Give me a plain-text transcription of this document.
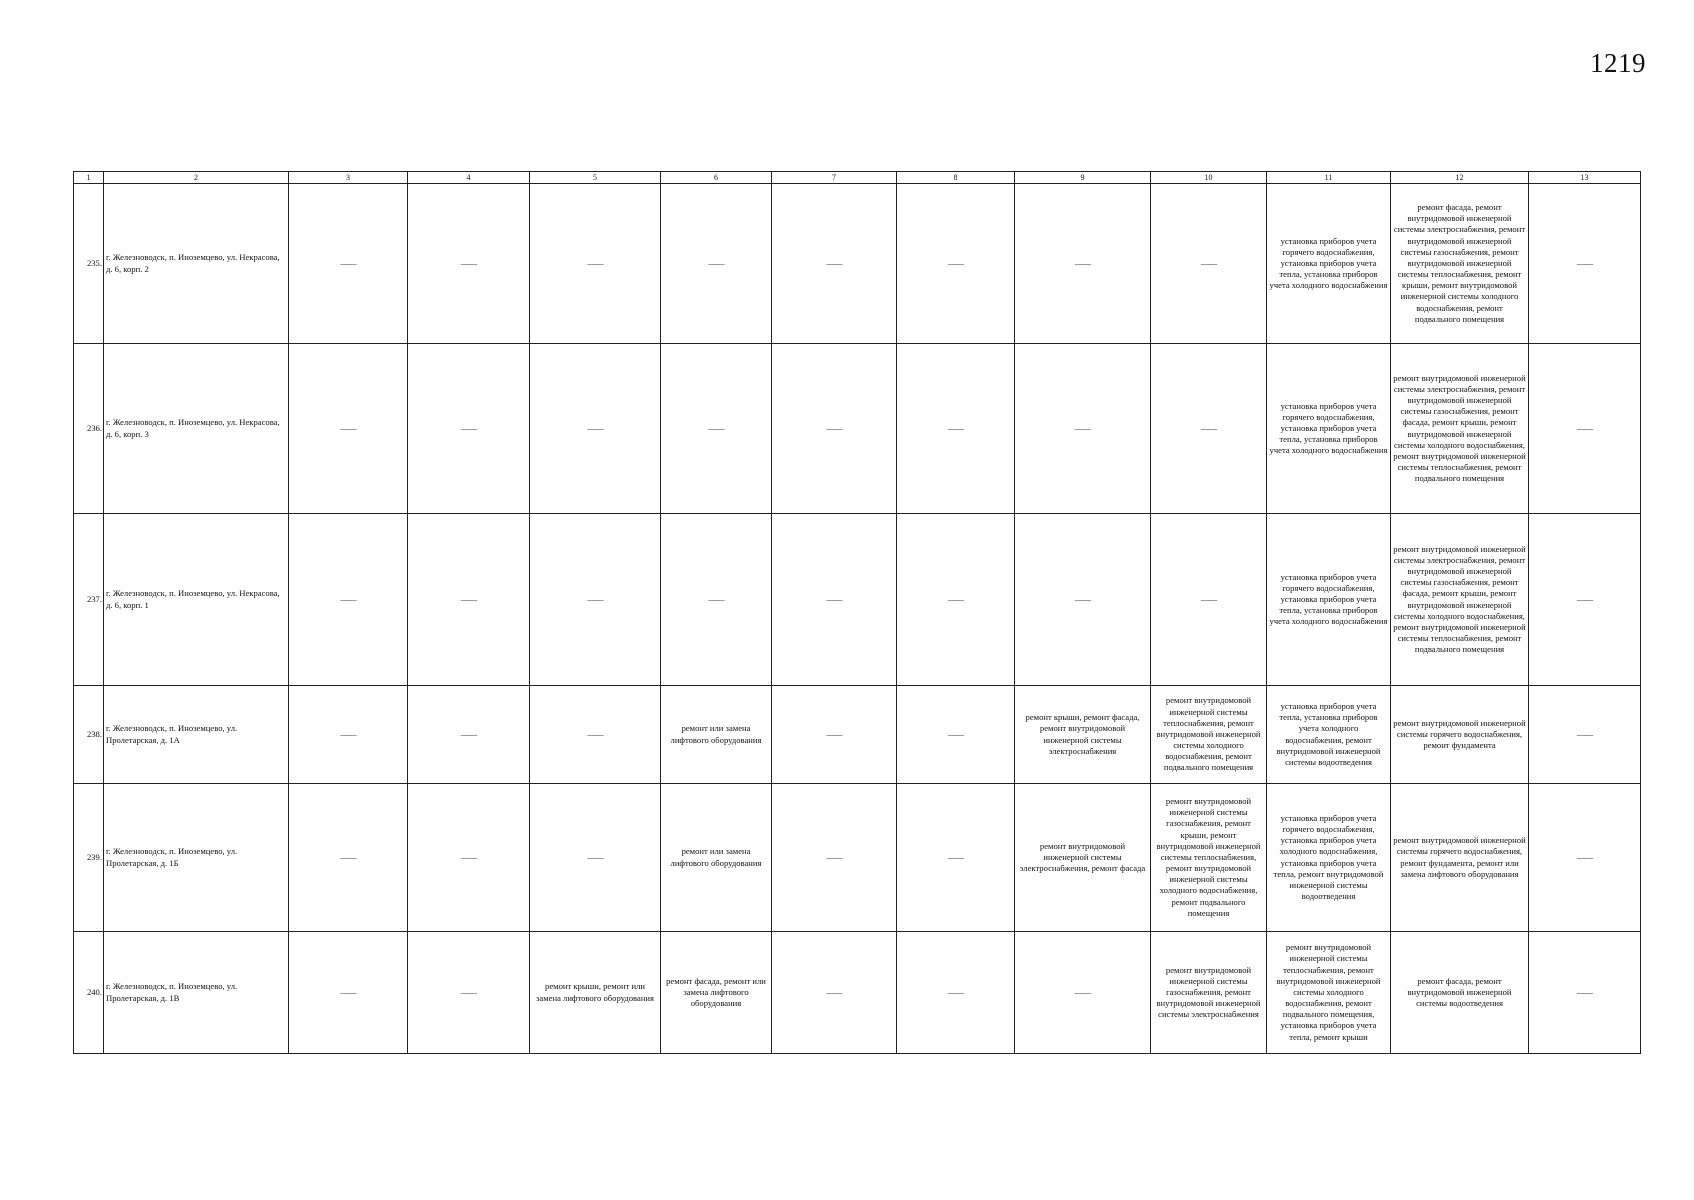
1219
1	2	3	4	5	6	7	8	9	10	11	12	13
235.	г. Железноводск, п. Иноземцево, ул. Некрасова, д. 6, корп. 2	——	——	——	——	——	——	——	——	установка приборов учета горячего водоснабжения, установка приборов учета тепла, установка приборов учета холодного водоснабжения	ремонт фасада, ремонт внутридомовой инженерной системы электроснабжения, ремонт внутридомовой инженерной системы газоснабжения, ремонт внутридомовой инженерной системы теплоснабжения, ремонт крыши, ремонт внутридомовой инженерной системы холодного водоснабжения, ремонт подвального помещения	——
236.	г. Железноводск, п. Иноземцево, ул. Некрасова, д. 6, корп. 3	——	——	——	——	——	——	——	——	установка приборов учета горячего водоснабжения, установка приборов учета тепла, установка приборов учета холодного водоснабжения	ремонт внутридомовой инженерной системы электроснабжения, ремонт внутридомовой инженерной системы газоснабжения, ремонт фасада, ремонт крыши, ремонт внутридомовой инженерной системы холодного водоснабжения, ремонт внутридомовой инженерной системы теплоснабжения, ремонт подвального помещения	——
237.	г. Железноводск, п. Иноземцево, ул. Некрасова, д. 6, корп. 1	——	——	——	——	——	——	——	——	установка приборов учета горячего водоснабжения, установка приборов учета тепла, установка приборов учета холодного водоснабжения	ремонт внутридомовой инженерной системы электроснабжения, ремонт внутридомовой инженерной системы газоснабжения, ремонт фасада, ремонт крыши, ремонт внутридомовой инженерной системы холодного водоснабжения, ремонт внутридомовой инженерной системы теплоснабжения, ремонт подвального помещения	——
238.	г. Железноводск, п. Иноземцево, ул. Пролетарская, д. 1А	——	——	——	ремонт или замена лифтового оборудования	——	——	ремонт крыши, ремонт фасада, ремонт внутридомовой инженерной системы электроснабжения	ремонт внутридомовой инженерной системы теплоснабжения, ремонт внутридомовой инженерной системы холодного водоснабжения, ремонт подвального помещения	установка приборов учета тепла, установка приборов учета холодного водоснабжения, ремонт внутридомовой инженерной системы водоотведения	ремонт внутридомовой инженерной системы горячего водоснабжения, ремонт фундамента	——
239.	г. Железноводск, п. Иноземцево, ул. Пролетарская, д. 1Б	——	——	——	ремонт или замена лифтового оборудования	——	——	ремонт внутридомовой инженерной системы электроснабжения, ремонт фасада	ремонт внутридомовой инженерной системы газоснабжения, ремонт крыши, ремонт внутридомовой инженерной системы теплоснабжения, ремонт внутридомовой инженерной системы холодного водоснабжения, ремонт подвального помещения	установка приборов учета горячего водоснабжения, установка приборов учета холодного водоснабжения, установка приборов учета тепла, ремонт внутридомовой инженерной системы водоотведения	ремонт внутридомовой инженерной системы горячего водоснабжения, ремонт фундамента, ремонт или замена лифтового оборудования	——
240.	г. Железноводск, п. Иноземцево, ул. Пролетарская, д. 1В	——	——	ремонт крыши, ремонт или замена лифтового оборудования	ремонт фасада, ремонт или замена лифтового оборудования	——	——	——	ремонт внутридомовой инженерной системы газоснабжения, ремонт внутридомовой инженерной системы электроснабжения	ремонт внутридомовой инженерной системы теплоснабжения, ремонт внутридомовой инженерной системы холодного водоснабжения, ремонт подвального помещения, установка приборов учета тепла, ремонт крыши	ремонт фасада, ремонт внутридомовой инженерной системы водоотведения	——
